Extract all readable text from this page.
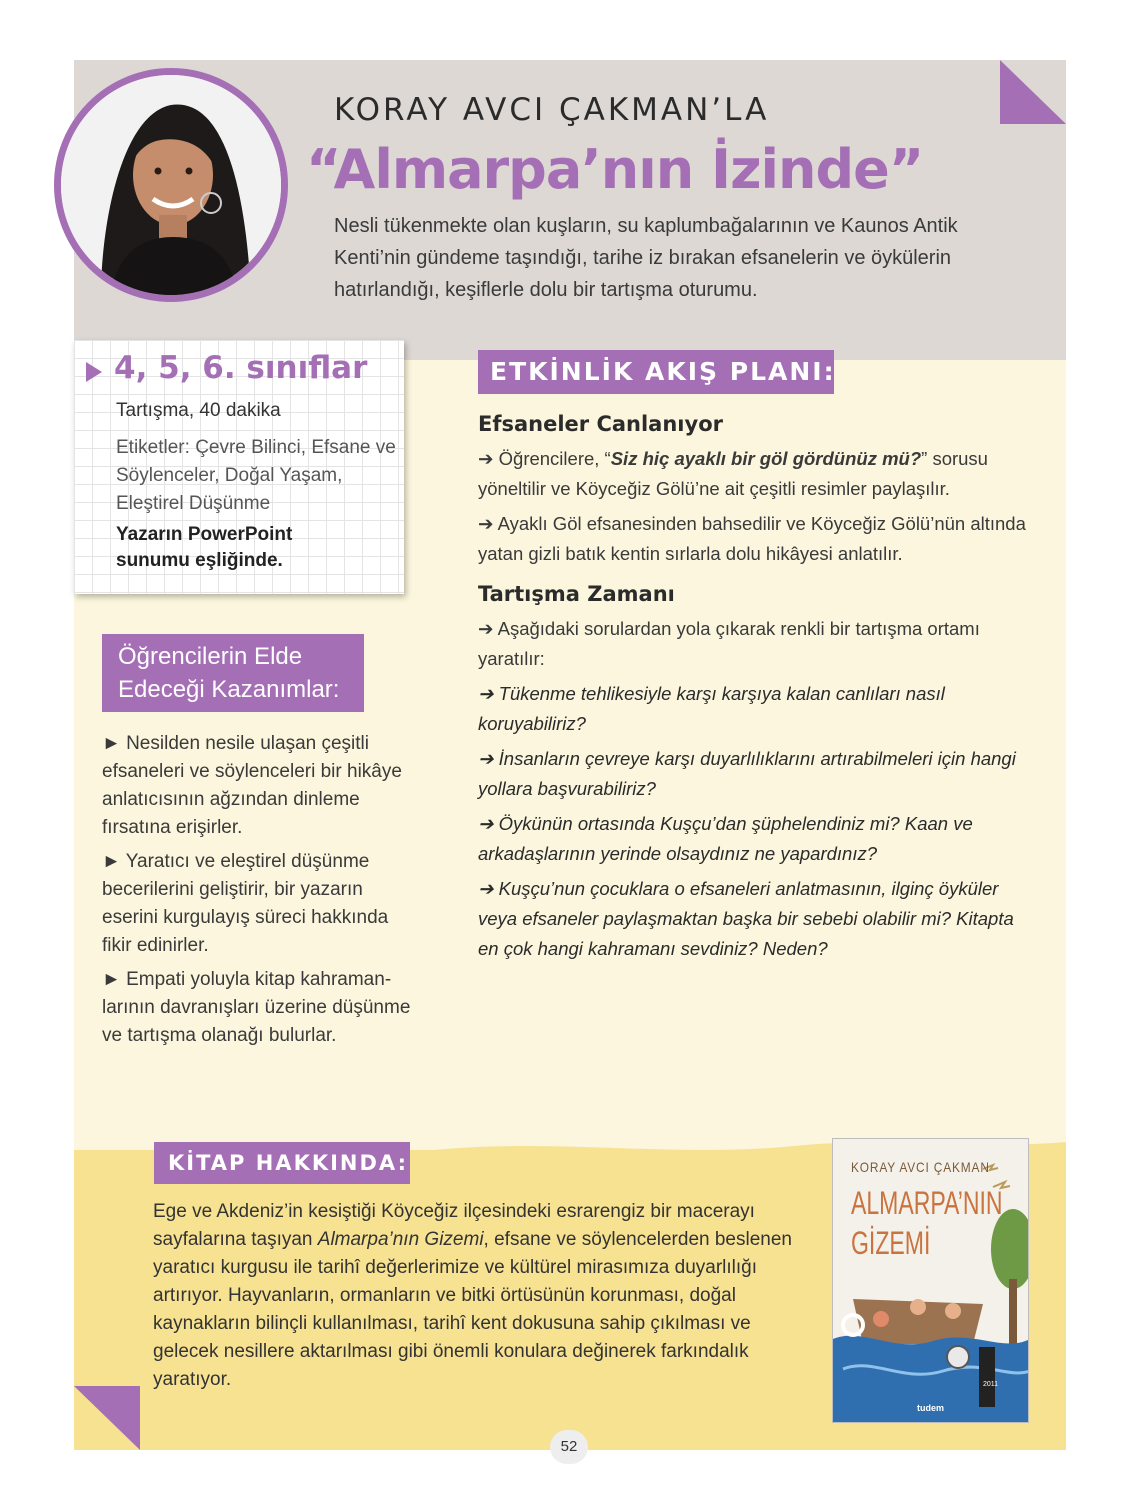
KORAY AVCI ÇAKMAN’LA
“Almarpa’nın İzinde”
Nesli tükenmekte olan kuşların, su kaplumbağalarının ve Kaunos Antik Kenti’nin gündeme taşındığı, tarihe iz bırakan efsanelerin ve öykülerin hatırlandığı, keşiflerle dolu bir tartışma oturumu.
4, 5, 6. sınıflar
Tartışma, 40 dakika
Etiketler: Çevre Bilinci, Efsane ve Söylenceler, Doğal Yaşam, Eleştirel Düşünme
Yazarın PowerPoint
sunumu eşliğinde.
Öğrencilerin Elde
Edeceği Kazanımlar:
► Nesilden nesile ulaşan çeşitli efsaneleri ve söylenceleri bir hikâye anlatıcısının ağzından dinleme fırsatına erişirler.
► Yaratıcı ve eleştirel düşünme becerilerini geliştirir, bir yazarın eserini kurgulayış süreci hakkında fikir edinirler.
► Empati yoluyla kitap kahramanlarının davranışları üzerine düşünme ve tartışma olanağı bulurlar.
ETKİNLİK AKIŞ PLANI:
Efsaneler Canlanıyor
➔ Öğrencilere, “Siz hiç ayaklı bir göl gördünüz mü?” sorusu yöneltilir ve Köyceğiz Gölü’ne ait çeşitli resimler paylaşılır.
➔ Ayaklı Göl efsanesinden bahsedilir ve Köyceğiz Gölü’nün altında yatan gizli batık kentin sırlarla dolu hikâyesi anlatılır.
Tartışma Zamanı
➔ Aşağıdaki sorulardan yola çıkarak renkli bir tartışma ortamı yaratılır:
➔ Tükenme tehlikesiyle karşı karşıya kalan canlıları nasıl koruyabiliriz?
➔ İnsanların çevreye karşı duyarlılıklarını artırabilmeleri için hangi yollara başvurabiliriz?
➔ Öykünün ortasında Kuşçu’dan şüphelendiniz mi? Kaan ve arkadaşlarının yerinde olsaydınız ne yapardınız?
➔ Kuşçu’nun çocuklara o efsaneleri anlatmasının, ilginç öyküler veya efsaneler paylaşmaktan başka bir sebebi olabilir mi? Kitapta en çok hangi kahramanı sevdiniz? Neden?
KİTAP HAKKINDA:
Ege ve Akdeniz’in kesiştiği Köyceğiz ilçesindeki esrarengiz bir macerayı sayfalarına taşıyan Almarpa’nın Gizemi, efsane ve söylencelerden beslenen yaratıcı kurgusu ile tarihî değerlerimize ve kültürel mirasımıza duyarlılığı artırıyor. Hayvanların, ormanların ve bitki örtüsünün korunması, doğal kaynakların bilinçli kullanılması, tarihî kent dokusuna sahip çıkılması ve gelecek nesillere aktarılması gibi önemli konulara değinerek farkındalık yaratıyor.
KORAY AVCI ÇAKMAN
ALMARPA’NIN
GİZEMİ
2011
tudem
52
